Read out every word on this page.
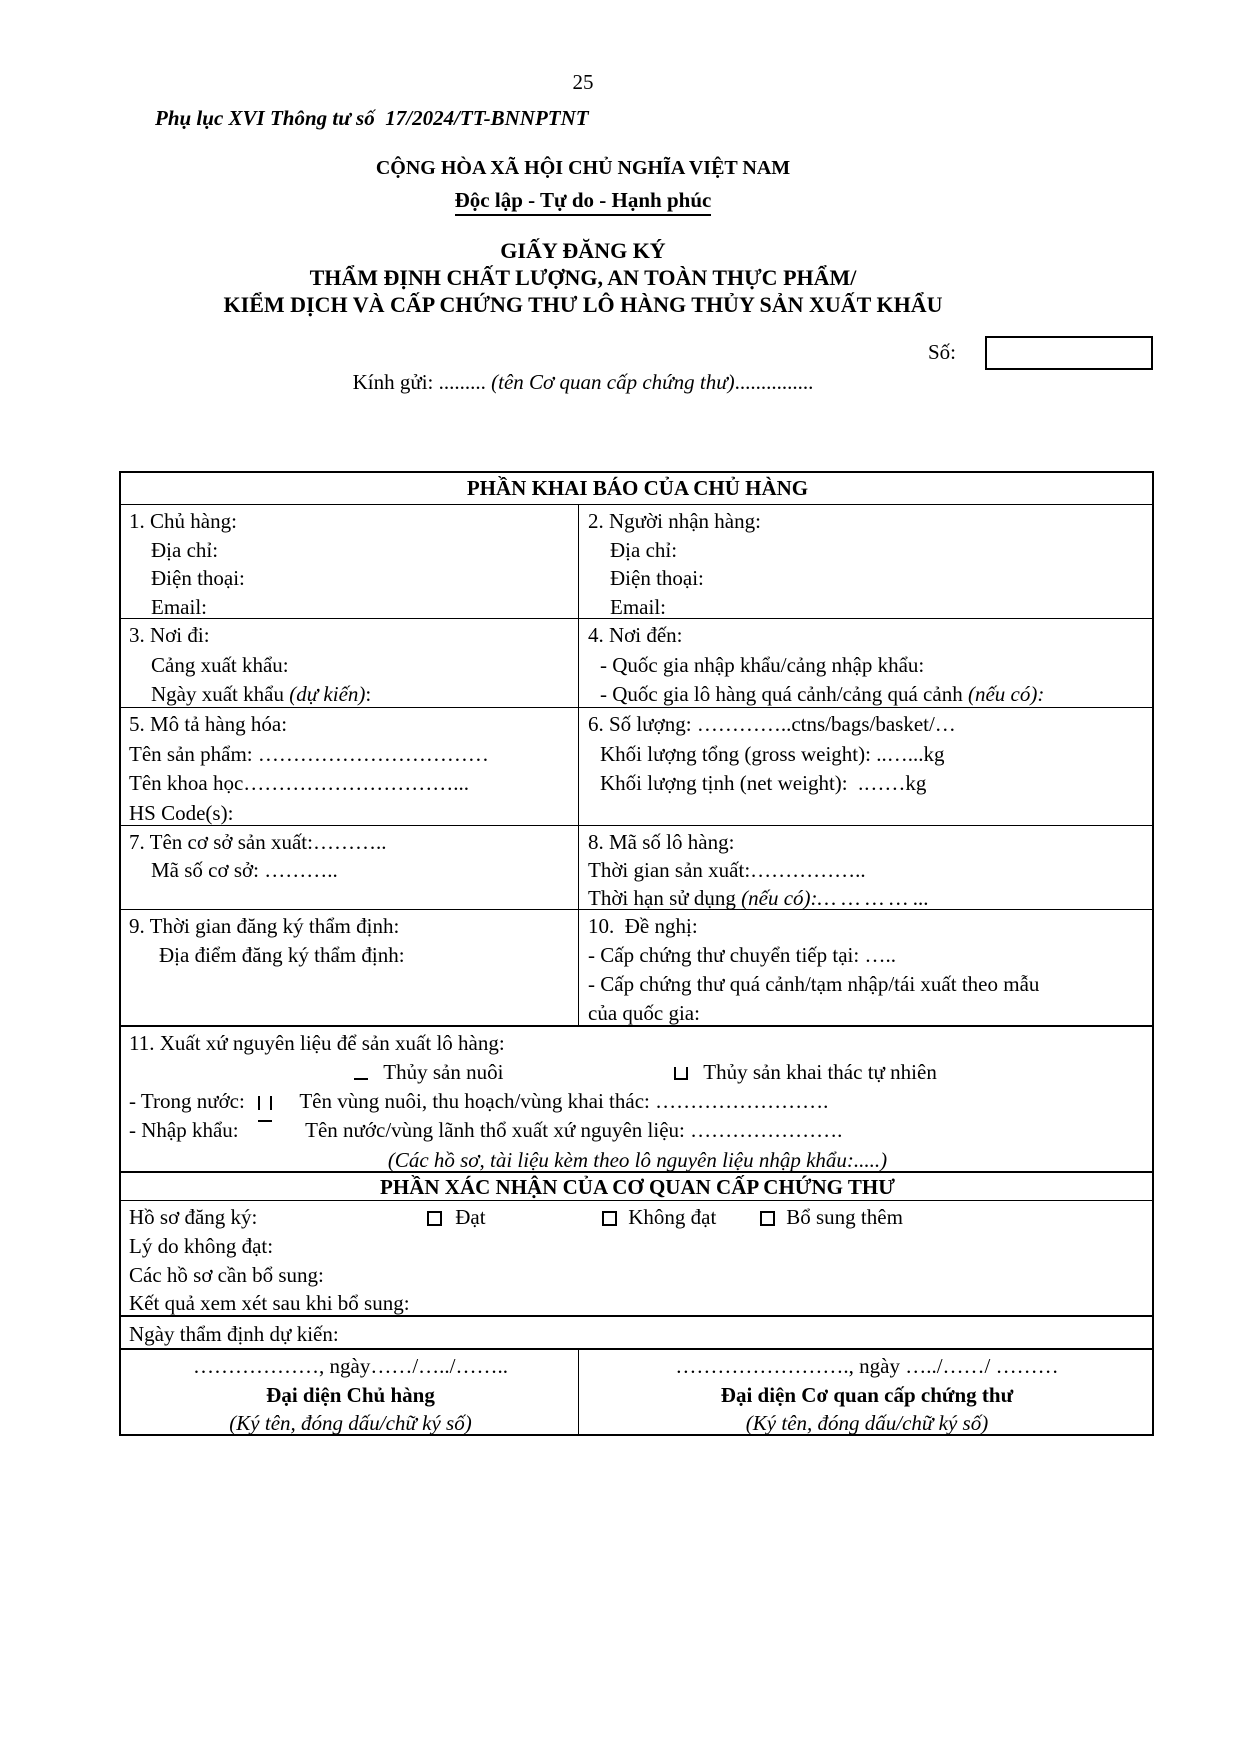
25
Phụ lục XVI Thông tư số  17/2024/TT-BNNPTNT
CỘNG HÒA XÃ HỘI CHỦ NGHĨA VIỆT NAM
Độc lập - Tự do - Hạnh phúc
GIẤY ĐĂNG KÝ
THẨM ĐỊNH CHẤT LƯỢNG, AN TOÀN THỰC PHẨM/
KIỂM DỊCH VÀ CẤP CHỨNG THƯ LÔ HÀNG THỦY SẢN XUẤT KHẨU
Số:
Kính gửi: ......... (tên Cơ quan cấp chứng thư)...............
PHẦN KHAI BÁO CỦA CHỦ HÀNG
1. Chủ hàng:
Địa chỉ:
Điện thoại:
Email:
2. Người nhận hàng:
Địa chỉ:
Điện thoại:
Email:
3. Nơi đi:
Cảng xuất khẩu:
Ngày xuất khẩu (dự kiến):
4. Nơi đến:
- Quốc gia nhập khẩu/cảng nhập khẩu:
- Quốc gia lô hàng quá cảnh/cảng quá cảnh (nếu có):
5. Mô tả hàng hóa:
Tên sản phẩm: ……………………………
Tên khoa học…………………………...
HS Code(s):
6. Số lượng: …………..ctns/bags/basket/…
Khối lượng tổng (gross weight): ..…...kg
Khối lượng tịnh (net weight):  .……kg
7. Tên cơ sở sản xuất:………..
Mã số cơ sở: ………..
8. Mã số lô hàng:
Thời gian sản xuất:……………..
Thời hạn sử dụng (nếu có):… … … … ...
9. Thời gian đăng ký thẩm định:
Địa điểm đăng ký thẩm định:
10.  Đề nghị:
- Cấp chứng thư chuyển tiếp tại: …..
- Cấp chứng thư quá cảnh/tạm nhập/tái xuất theo mẫu
của quốc gia:
11. Xuất xứ nguyên liệu để sản xuất lô hàng:
Thủy sản nuôi	Thủy sản khai thác tự nhiên
- Trong nước:	Tên vùng nuôi, thu hoạch/vùng khai thác: …………………….
- Nhập khẩu:	Tên nước/vùng lãnh thổ xuất xứ nguyên liệu: ………………….
(Các hồ sơ, tài liệu kèm theo lô nguyên liệu nhập khẩu:.....)
PHẦN XÁC NHẬN CỦA CƠ QUAN CẤP CHỨNG THƯ
Hồ sơ đăng ký:	Đạt	Không đạt	Bổ sung thêm
Lý do không đạt:
Các hồ sơ cần bổ sung:
Kết quả xem xét sau khi bổ sung:
Ngày thẩm định dự kiến:
………………, ngày……/…../……..
Đại diện Chủ hàng
(Ký tên, đóng dấu/chữ ký số)
……………………., ngày …../……/ ………
Đại diện Cơ quan cấp chứng thư
(Ký tên, đóng dấu/chữ ký số)
